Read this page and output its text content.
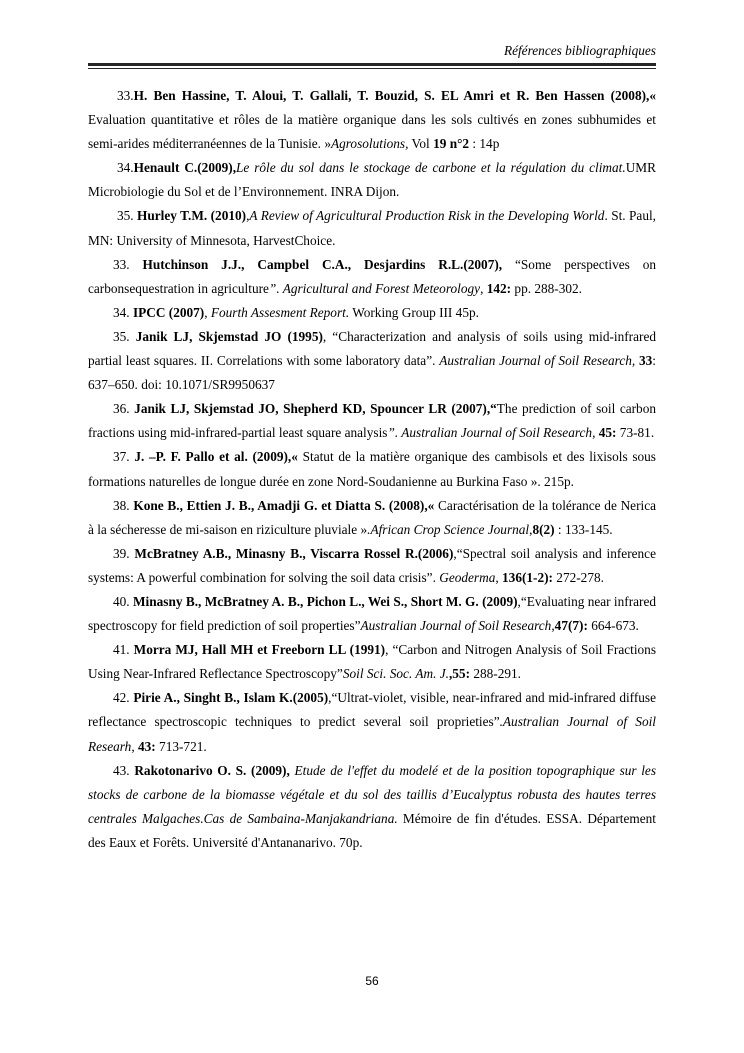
Références bibliographiques

33.H. Ben Hassine, T. Aloui, T. Gallali, T. Bouzid, S. EL Amri et R. Ben Hassen (2008),« Evaluation quantitative et rôles de la matière organique dans les sols cultivés en zones subhumides et semi-arides méditerranéennes de la Tunisie. »Agrosolutions, Vol 19 n°2 : 14p

34.Henault C.(2009),Le rôle du sol dans le stockage de carbone et la régulation du climat.UMR Microbiologie du Sol et de l’Environnement. INRA Dijon.

35. Hurley T.M. (2010),A Review of Agricultural Production Risk in the Developing World. St. Paul, MN: University of Minnesota, HarvestChoice.

33. Hutchinson J.J., Campbel C.A., Desjardins R.L.(2007), “Some perspectives on carbonsequestration in agriculture”. Agricultural and Forest Meteorology, 142: pp. 288-302.

34. IPCC (2007), Fourth Assesment Report. Working Group III 45p.

35. Janik LJ, Skjemstad JO (1995), “Characterization and analysis of soils using mid-infrared partial least squares. II. Correlations with some laboratory data”. Australian Journal of Soil Research, 33: 637–650. doi: 10.1071/SR9950637

36. Janik LJ, Skjemstad JO, Shepherd KD, Spouncer LR (2007),“The prediction of soil carbon fractions using mid-infrared-partial least square analysis”. Australian Journal of Soil Research, 45: 73-81.

37. J. –P. F. Pallo et al. (2009),« Statut de la matière organique des cambisols et des lixisols sous formations naturelles de longue durée en zone Nord-Soudanienne au Burkina Faso ». 215p.

38. Kone B., Ettien J. B., Amadji G. et Diatta S. (2008),« Caractérisation de la tolérance de Nerica à la sécheresse de mi-saison en riziculture pluviale ».African Crop Science Journal,8(2) : 133-145.

39. McBratney A.B., Minasny B., Viscarra Rossel R.(2006),“Spectral soil analysis and inference systems: A powerful combination for solving the soil data crisis”. Geoderma, 136(1-2): 272-278.

40. Minasny B., McBratney A. B., Pichon L., Wei S., Short M. G. (2009),“Evaluating near infrared spectroscopy for field prediction of soil properties”Australian Journal of Soil Research,47(7): 664-673.

41. Morra MJ, Hall MH et Freeborn LL (1991), “Carbon and Nitrogen Analysis of Soil Fractions Using Near-Infrared Reflectance Spectroscopy”Soil Sci. Soc. Am. J.,55: 288-291.

42. Pirie A., Singht B., Islam K.(2005),“Ultrat-violet, visible, near-infrared and mid-infrared diffuse reflectance spectroscopic techniques to predict several soil proprieties”.Australian Journal of Soil Researh, 43: 713-721.

43. Rakotonarivo O. S. (2009), Etude de l'effet du modelé et de la position topographique sur les stocks de carbone de la biomasse végétale et du sol des taillis d’Eucalyptus robusta des hautes terres centrales Malgaches.Cas de Sambaina-Manjakandriana. Mémoire de fin d'études. ESSA. Département des Eaux et Forêts. Université d'Antananarivo. 70p.

56
